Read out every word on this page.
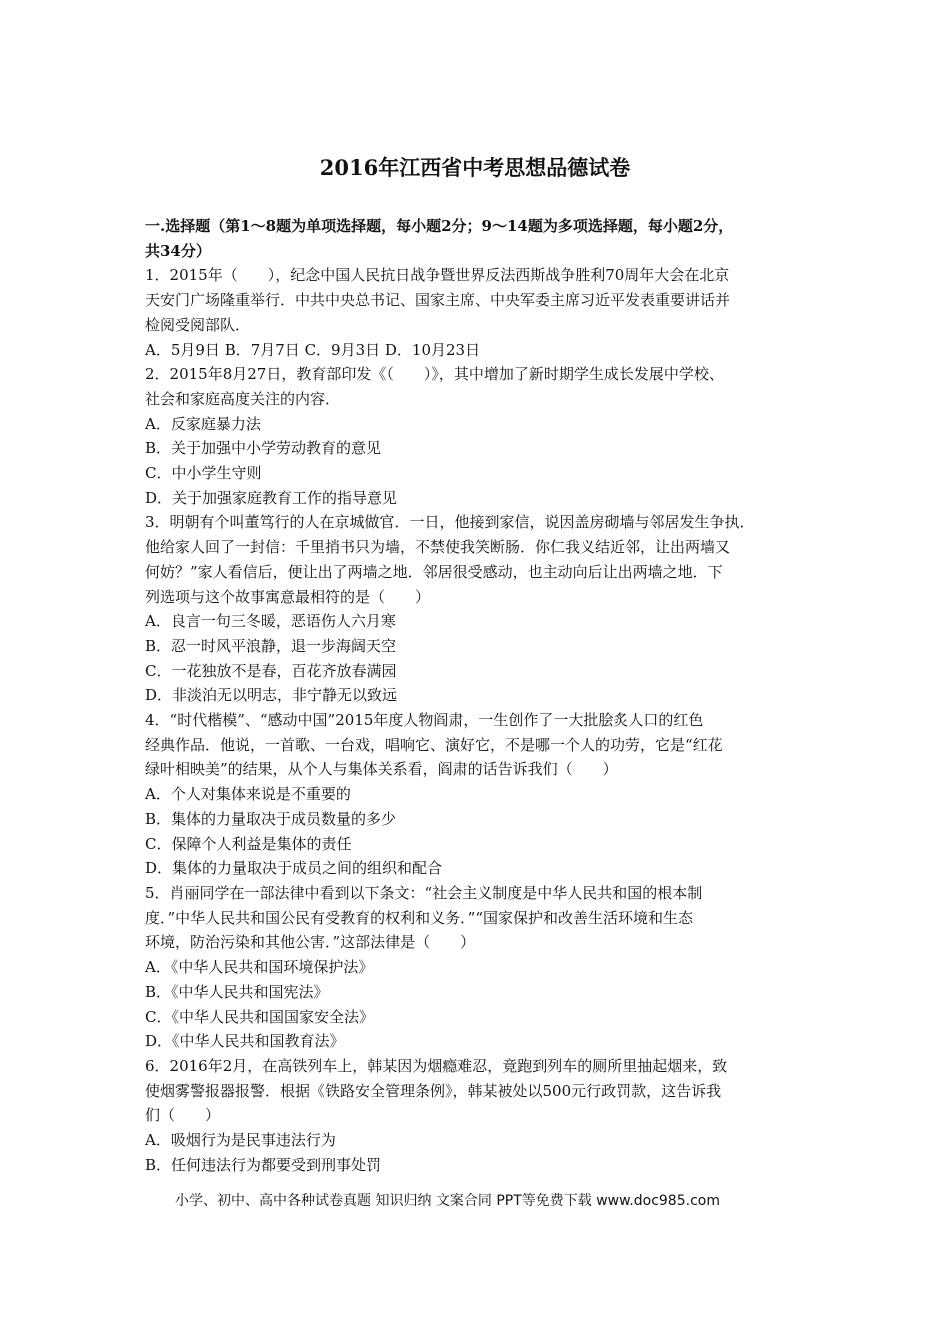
2016年江西省中考思想品德试卷
一.选择题（第1～8题为单项选择题，每小题2分；9～14题为多项选择题，每小题2分，
共34分）
1．2015年（　　），纪念中国人民抗日战争暨世界反法西斯战争胜利70周年大会在北京
天安门广场隆重举行．中共中央总书记、国家主席、中央军委主席习近平发表重要讲话并
检阅受阅部队．
A．5月9日 B．7月7日 C．9月3日 D．10月23日
2．2015年8月27日，教育部印发《（　　）》，其中增加了新时期学生成长发展中学校、
社会和家庭高度关注的内容．
A．反家庭暴力法
B．关于加强中小学劳动教育的意见
C．中小学生守则
D．关于加强家庭教育工作的指导意见
3．明朝有个叫董笃行的人在京城做官．一日，他接到家信，说因盖房砌墙与邻居发生争执．
他给家人回了一封信：千里捎书只为墙，不禁使我笑断肠．你仁我义结近邻，让出两墙又
何妨？”家人看信后，便让出了两墙之地．邻居很受感动，也主动向后让出两墙之地．下
列选项与这个故事寓意最相符的是（　　）
A．良言一句三冬暖，恶语伤人六月寒
B．忍一时风平浪静，退一步海阔天空
C．一花独放不是春，百花齐放春满园
D．非淡泊无以明志，非宁静无以致远
4．“时代楷模”、“感动中国”2015年度人物阎肃，一生创作了一大批脍炙人口的红色
经典作品．他说，一首歌、一台戏，唱响它、演好它，不是哪一个人的功劳，它是“红花
绿叶相映美”的结果，从个人与集体关系看，阎肃的话告诉我们（　　）
A．个人对集体来说是不重要的
B．集体的力量取决于成员数量的多少
C．保障个人利益是集体的责任
D．集体的力量取决于成员之间的组织和配合
5．肖丽同学在一部法律中看到以下条文：“社会主义制度是中华人民共和国的根本制
度．”中华人民共和国公民有受教育的权利和义务．”“国家保护和改善生活环境和生态
环境，防治污染和其他公害．”这部法律是（　　）
A．《中华人民共和国环境保护法》
B．《中华人民共和国宪法》
C．《中华人民共和国国家安全法》
D．《中华人民共和国教育法》
6．2016年2月，在高铁列车上，韩某因为烟瘾难忍，竟跑到列车的厕所里抽起烟来，致
使烟雾警报器报警．根据《铁路安全管理条例》，韩某被处以500元行政罚款，这告诉我
们（　　）
A．吸烟行为是民事违法行为
B．任何违法行为都要受到刑事处罚
小学、初中、高中各种试卷真题 知识归纳 文案合同 PPT等免费下载 www.doc985.com
